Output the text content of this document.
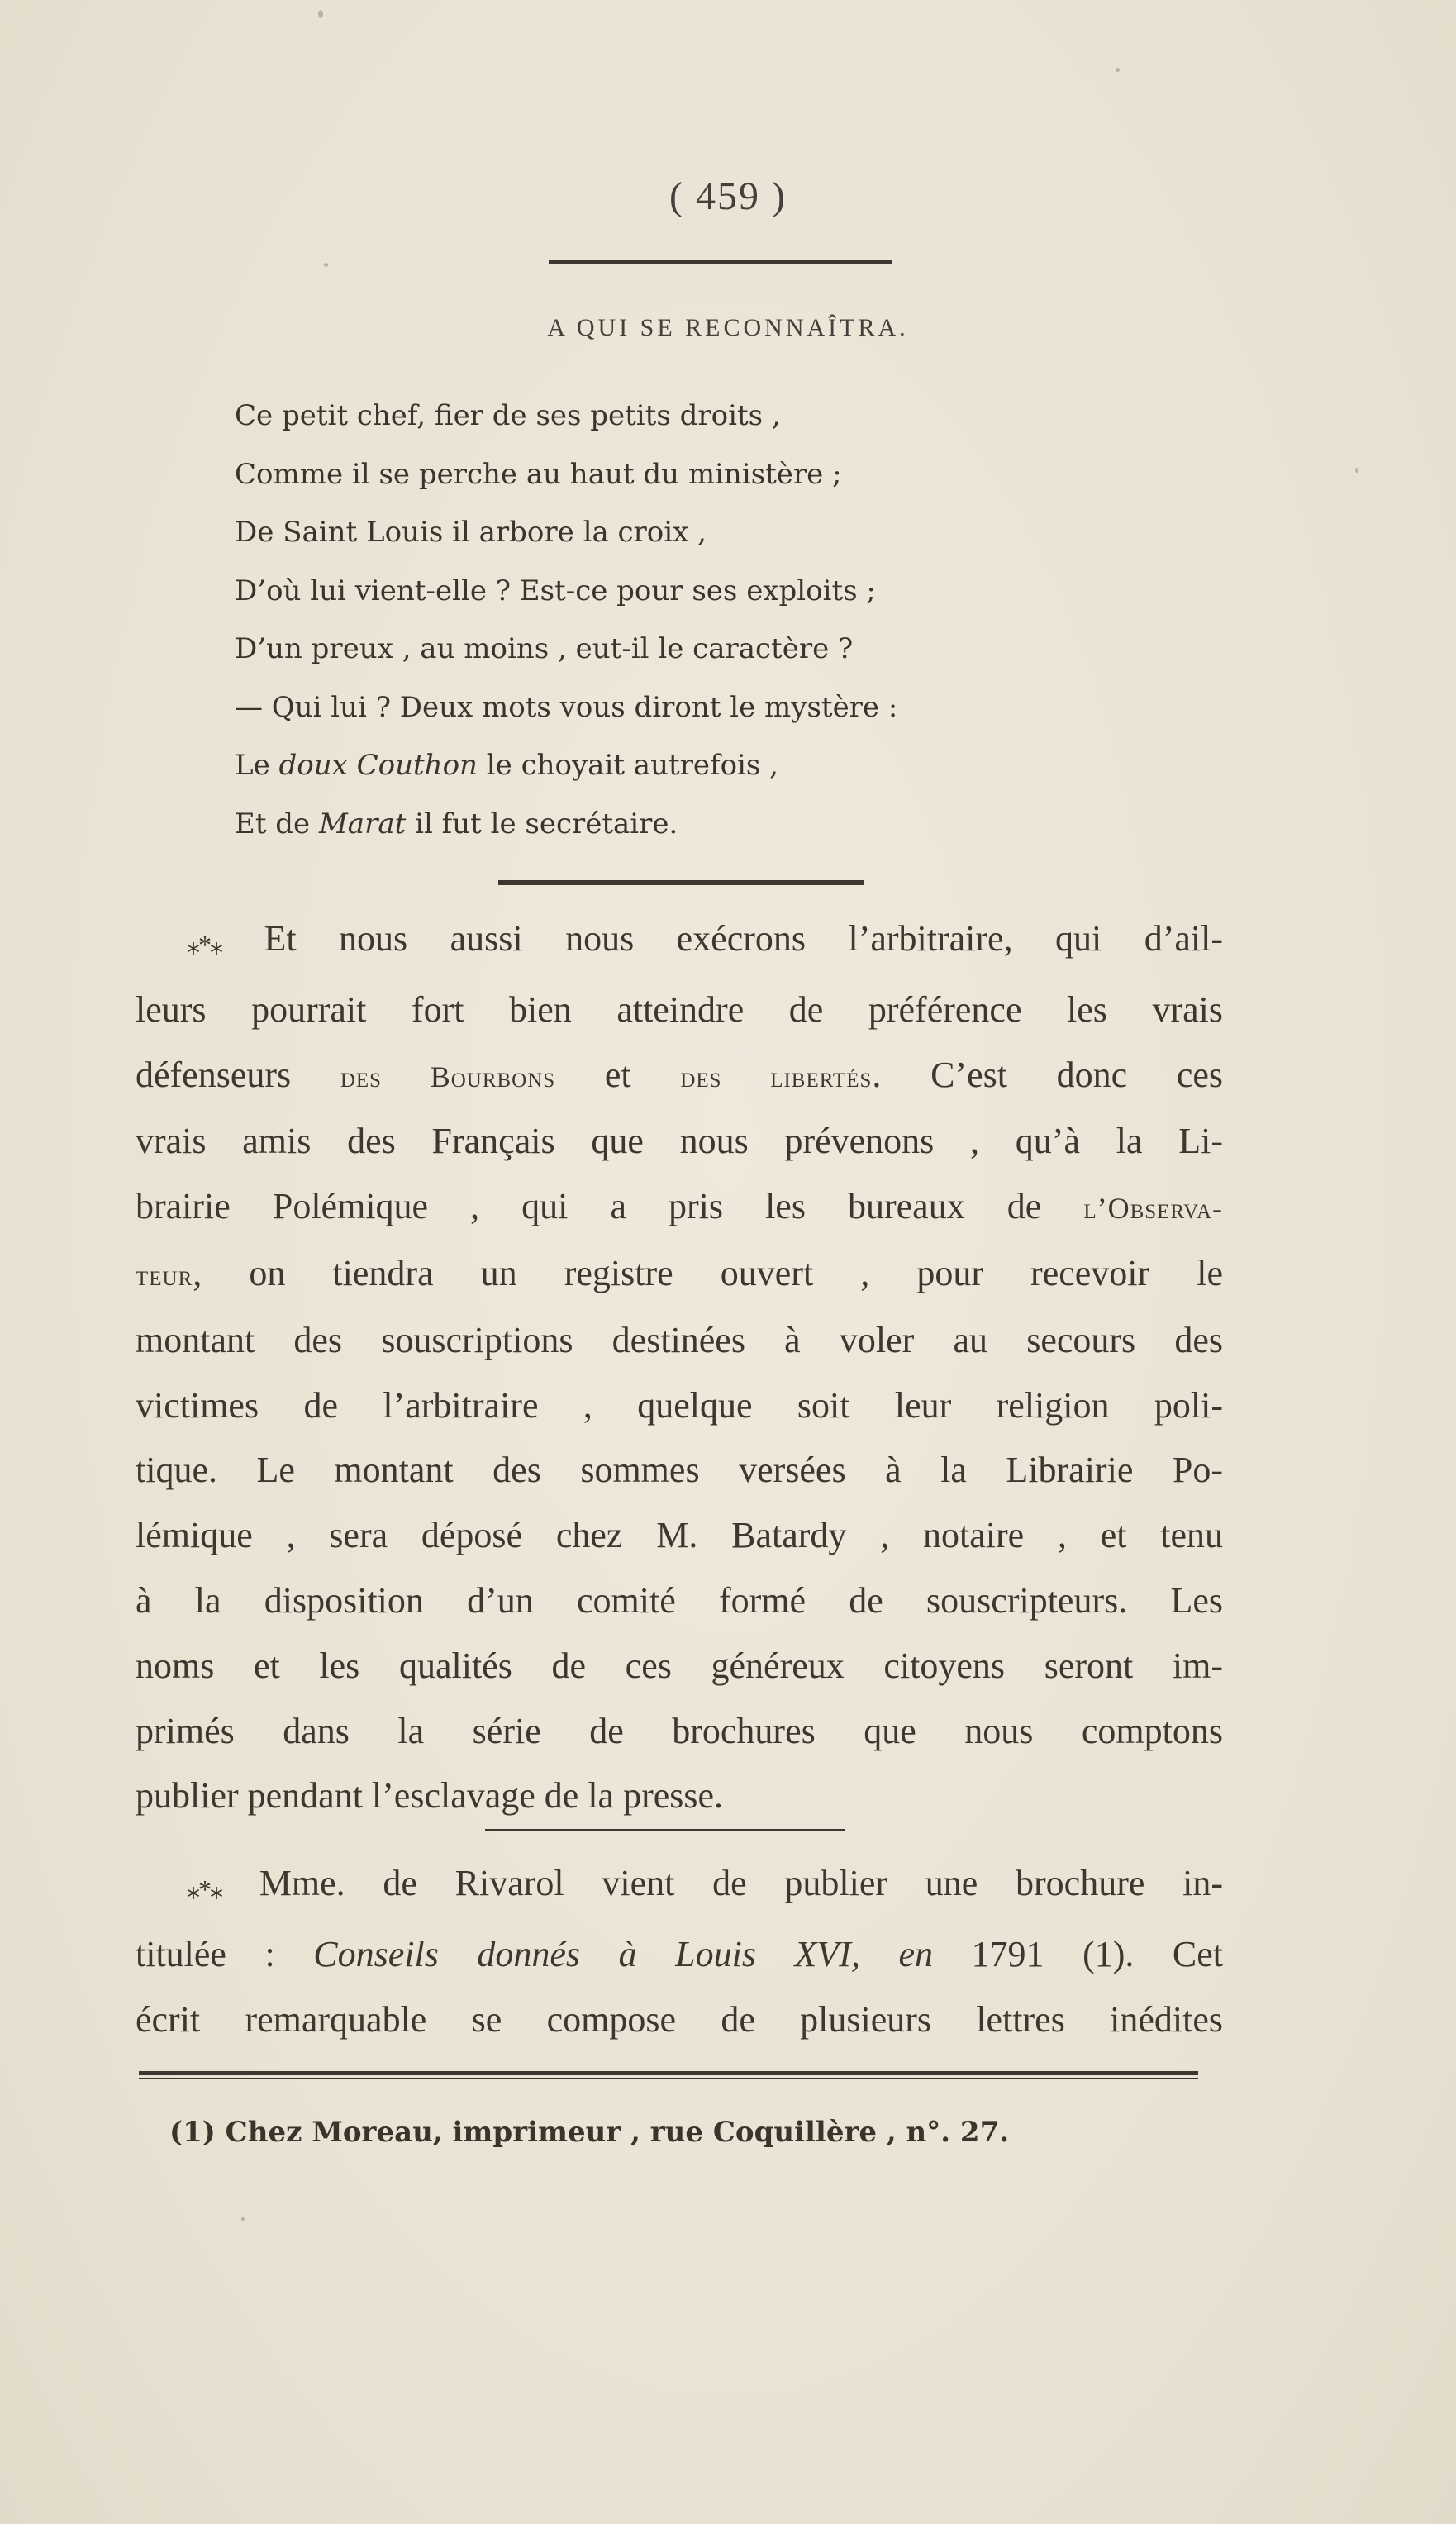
( 459 )
A QUI SE RECONNAÎTRA.
Ce petit chef, fier de ses petits droits ,
Comme il se perche au haut du ministère ;
De Saint Louis il arbore la croix ,
D’où lui vient-elle ? Est-ce pour ses exploits ;
D’un preux , au moins , eut-il le caractère ?
— Qui lui ? Deux mots vous diront le mystère :
Le doux Couthon le choyait autrefois ,
Et de Marat il fut le secrétaire.
⁎*⁎ Et nous aussi nous exécrons l’arbitraire, qui d’ail-
leurs pourrait fort bien atteindre de préférence les vrais
défenseurs des Bourbons et des libertés. C’est donc ces
vrais amis des Français que nous prévenons , qu’à la Li-
brairie Polémique , qui a pris les bureaux de l’Observa-
teur, on tiendra un registre ouvert , pour recevoir le
montant des souscriptions destinées à voler au secours des
victimes de l’arbitraire , quelque soit leur religion poli-
tique. Le montant des sommes versées à la Librairie Po-
lémique , sera déposé chez M. Batardy , notaire , et tenu
à la disposition d’un comité formé de souscripteurs. Les
noms et les qualités de ces généreux citoyens seront im-
primés dans la série de brochures que nous comptons
publier pendant l’esclavage de la presse.
⁎*⁎ Mme. de Rivarol vient de publier une brochure in-
titulée : Conseils donnés à Louis XVI, en 1791 (1). Cet
écrit remarquable se compose de plusieurs lettres inédites
(1) Chez Moreau, imprimeur , rue Coquillère , n°. 27.
